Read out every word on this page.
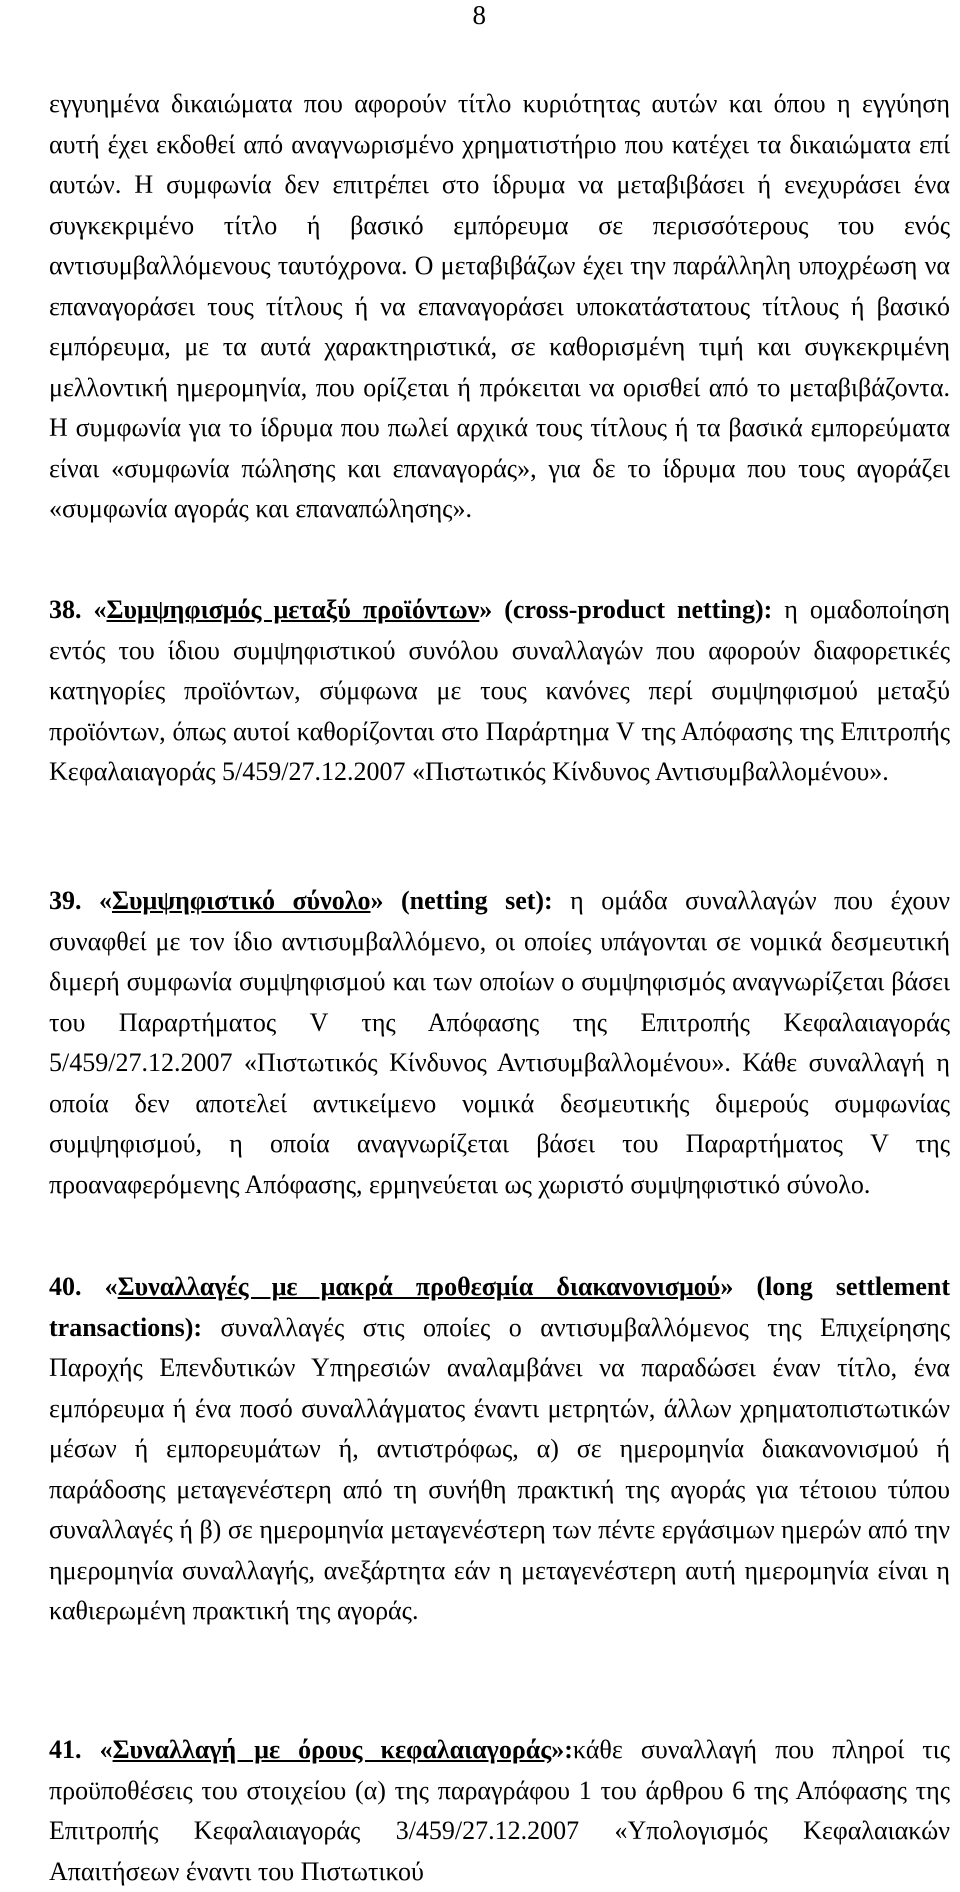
8

εγγυημένα δικαιώματα που αφορούν τίτλο κυριότητας αυτών και όπου η εγγύηση αυτή έχει εκδοθεί από αναγνωρισμένο χρηματιστήριο που κατέχει τα δικαιώματα επί αυτών. Η συμφωνία δεν επιτρέπει στο ίδρυμα να μεταβιβάσει ή ενεχυράσει ένα συγκεκριμένο τίτλο ή βασικό εμπόρευμα σε περισσότερους του ενός αντισυμβαλλόμενους ταυτόχρονα. Ο μεταβιβάζων έχει την παράλληλη υποχρέωση να επαναγοράσει τους τίτλους ή να επαναγοράσει υποκατάστατους τίτλους ή βασικό εμπόρευμα, με τα αυτά χαρακτηριστικά, σε καθορισμένη τιμή και συγκεκριμένη μελλοντική ημερομηνία, που ορίζεται ή πρόκειται να ορισθεί από το μεταβιβάζοντα. Η συμφωνία για το ίδρυμα που πωλεί αρχικά τους τίτλους ή τα βασικά εμπορεύματα είναι «συμφωνία πώλησης και επαναγοράς», για δε το ίδρυμα που τους αγοράζει «συμφωνία αγοράς και επαναπώλησης».

38. «Συμψηφισμός μεταξύ προϊόντων» (cross-product netting): η ομαδοποίηση εντός του ίδιου συμψηφιστικού συνόλου συναλλαγών που αφορούν διαφορετικές κατηγορίες προϊόντων, σύμφωνα με τους κανόνες περί συμψηφισμού μεταξύ προϊόντων, όπως αυτοί καθορίζονται στο Παράρτημα V της Απόφασης της Επιτροπής Κεφαλαιαγοράς 5/459/27.12.2007 «Πιστωτικός Κίνδυνος Αντισυμβαλλομένου».

39. «Συμψηφιστικό σύνολο» (netting set): η ομάδα συναλλαγών που έχουν συναφθεί με τον ίδιο αντισυμβαλλόμενο, οι οποίες υπάγονται σε νομικά δεσμευτική διμερή συμφωνία συμψηφισμού και των οποίων ο συμψηφισμός αναγνωρίζεται βάσει του Παραρτήματος V της Απόφασης της Επιτροπής Κεφαλαιαγοράς 5/459/27.12.2007 «Πιστωτικός Κίνδυνος Αντισυμβαλλομένου». Κάθε συναλλαγή η οποία δεν αποτελεί αντικείμενο νομικά δεσμευτικής διμερούς συμφωνίας συμψηφισμού, η οποία αναγνωρίζεται βάσει του Παραρτήματος V της προαναφερόμενης Απόφασης, ερμηνεύεται ως χωριστό συμψηφιστικό σύνολο.

40. «Συναλλαγές με μακρά προθεσμία διακανονισμού» (long settlement transactions): συναλλαγές στις οποίες ο αντισυμβαλλόμενος της Επιχείρησης Παροχής Επενδυτικών Υπηρεσιών αναλαμβάνει να παραδώσει έναν τίτλο, ένα εμπόρευμα ή ένα ποσό συναλλάγματος έναντι μετρητών, άλλων χρηματοπιστωτικών μέσων ή εμπορευμάτων ή, αντιστρόφως, α) σε ημερομηνία διακανονισμού ή παράδοσης μεταγενέστερη από τη συνήθη πρακτική της αγοράς για τέτοιου τύπου συναλλαγές ή β) σε ημερομηνία μεταγενέστερη των πέντε εργάσιμων ημερών από την ημερομηνία συναλλαγής, ανεξάρτητα εάν η μεταγενέστερη αυτή ημερομηνία είναι η καθιερωμένη πρακτική της αγοράς.

41. «Συναλλαγή με όρους κεφαλαιαγοράς»:κάθε συναλλαγή που πληροί τις προϋποθέσεις του στοιχείου (α) της παραγράφου 1 του άρθρου 6 της Απόφασης της Επιτροπής Κεφαλαιαγοράς 3/459/27.12.2007 «Υπολογισμός Κεφαλαιακών Απαιτήσεων έναντι του Πιστωτικού
